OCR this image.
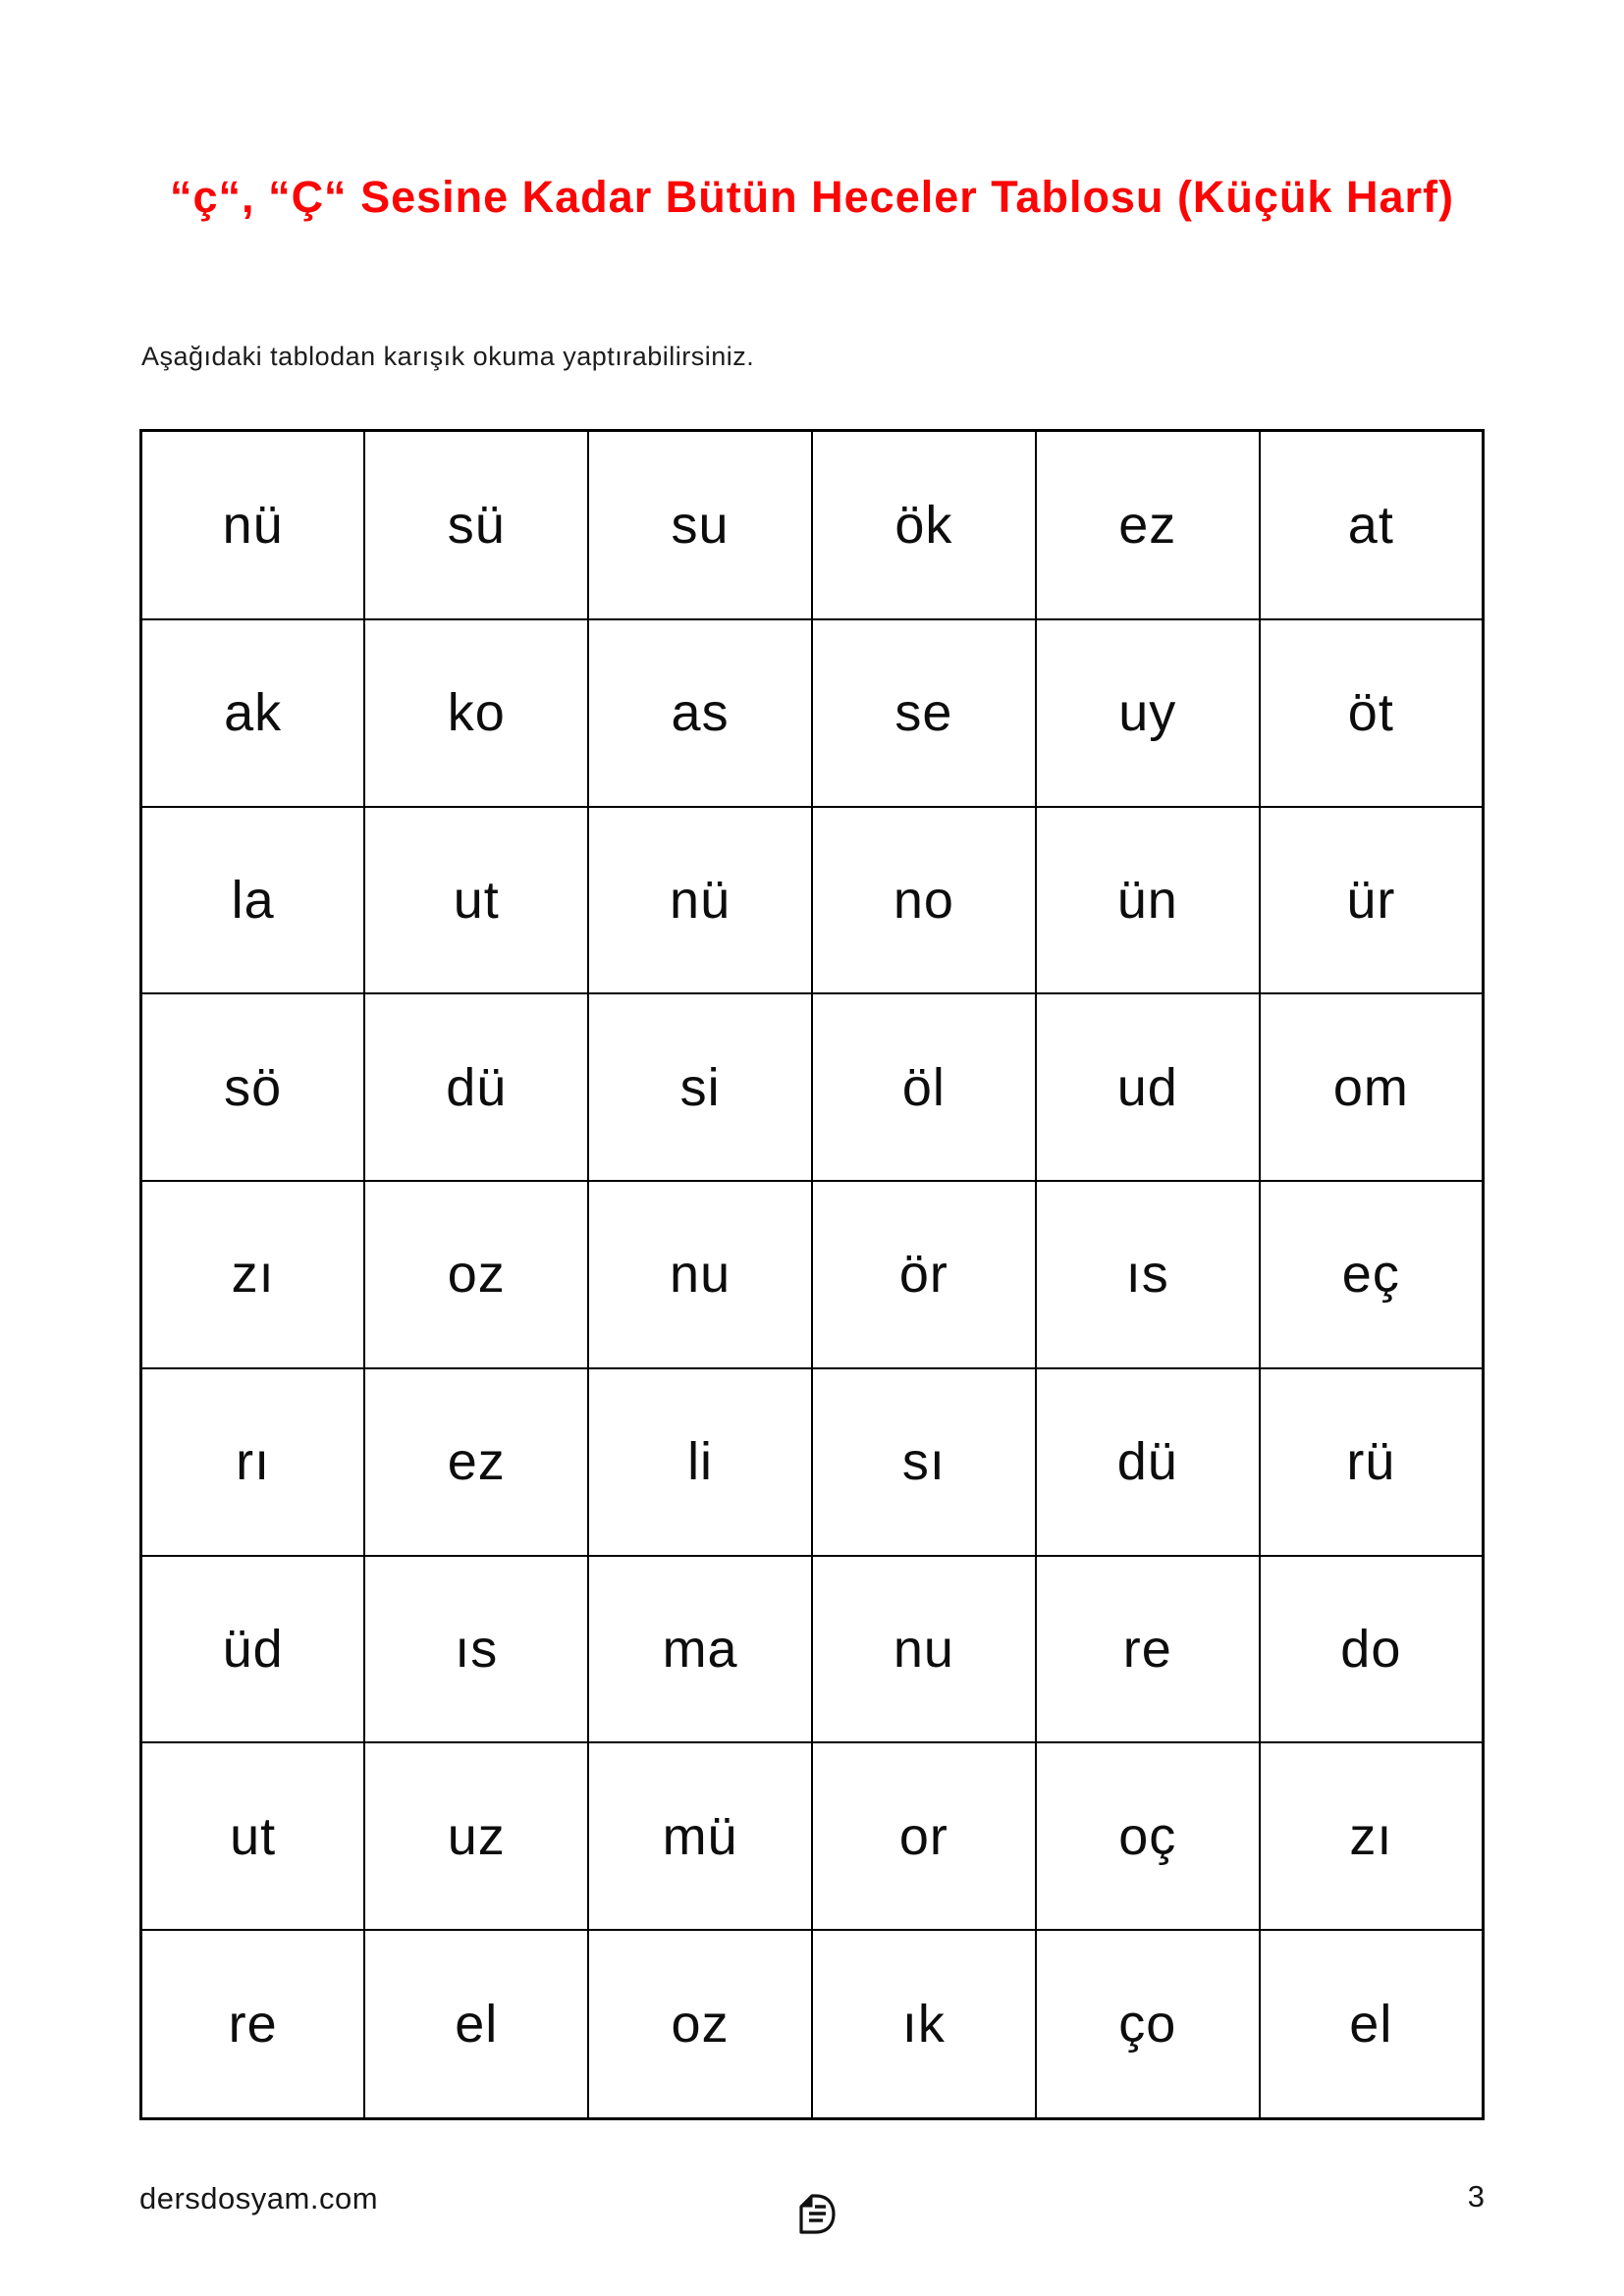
“ç“, “Ç“ Sesine Kadar Bütün Heceler Tablosu (Küçük Harf)

Aşağıdaki tablodan karışık okuma yaptırabilirsiniz.

nü	sü	su	ök	ez	at
ak	ko	as	se	uy	öt
la	ut	nü	no	ün	ür
sö	dü	si	öl	ud	om
zı	oz	nu	ör	ıs	eç
rı	ez	li	sı	dü	rü
üd	ıs	ma	nu	re	do
ut	uz	mü	or	oç	zı
re	el	oz	ık	ço	el
dersdosyam.com	3
